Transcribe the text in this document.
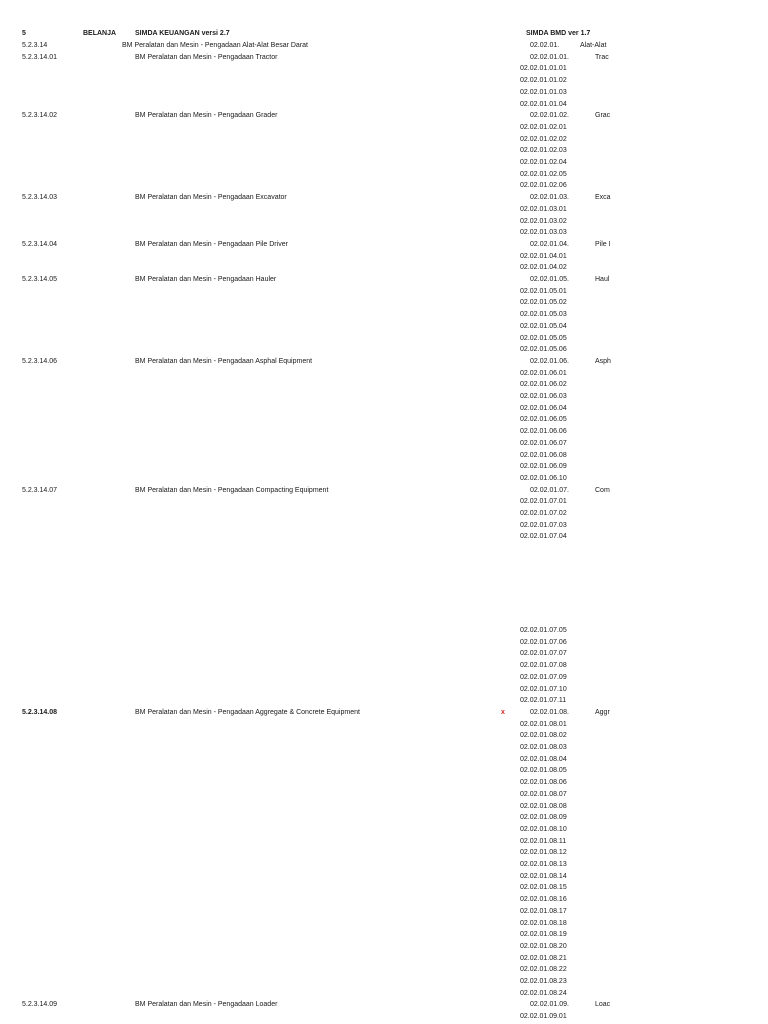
5	BELANJA	SIMDA KEUANGAN versi 2.7	SIMDA BMD ver 1.7
5.2.3.14	BM Peralatan dan Mesin - Pengadaan Alat-Alat Besar Darat	02.02.01.	Alat-Alat
5.2.3.14.01	BM Peralatan dan Mesin - Pengadaan Tractor	02.02.01.01.	Trac
02.02.01.01.01
02.02.01.01.02
02.02.01.01.03
02.02.01.01.04
5.2.3.14.02	BM Peralatan dan Mesin - Pengadaan Grader	02.02.01.02.	Grac
02.02.01.02.01
02.02.01.02.02
02.02.01.02.03
02.02.01.02.04
02.02.01.02.05
02.02.01.02.06
5.2.3.14.03	BM Peralatan dan Mesin - Pengadaan Excavator	02.02.01.03.	Exca
02.02.01.03.01
02.02.01.03.02
02.02.01.03.03
5.2.3.14.04	BM Peralatan dan Mesin - Pengadaan Pile Driver	02.02.01.04.	Pile I
02.02.01.04.01
02.02.01.04.02
5.2.3.14.05	BM Peralatan dan Mesin - Pengadaan Hauler	02.02.01.05.	Haul
02.02.01.05.01
02.02.01.05.02
02.02.01.05.03
02.02.01.05.04
02.02.01.05.05
02.02.01.05.06
5.2.3.14.06	BM Peralatan dan Mesin - Pengadaan Asphal Equipment	02.02.01.06.	Asph
02.02.01.06.01
02.02.01.06.02
02.02.01.06.03
02.02.01.06.04
02.02.01.06.05
02.02.01.06.06
02.02.01.06.07
02.02.01.06.08
02.02.01.06.09
02.02.01.06.10
5.2.3.14.07	BM Peralatan dan Mesin - Pengadaan Compacting Equipment	02.02.01.07.	Com
02.02.01.07.01
02.02.01.07.02
02.02.01.07.03
02.02.01.07.04
02.02.01.07.05
02.02.01.07.06
02.02.01.07.07
02.02.01.07.08
02.02.01.07.09
02.02.01.07.10
02.02.01.07.11
5.2.3.14.08	BM Peralatan dan Mesin - Pengadaan Aggregate & Concrete Equipment	x	02.02.01.08.	Aggr
02.02.01.08.01
02.02.01.08.02
02.02.01.08.03
02.02.01.08.04
02.02.01.08.05
02.02.01.08.06
02.02.01.08.07
02.02.01.08.08
02.02.01.08.09
02.02.01.08.10
02.02.01.08.11
02.02.01.08.12
02.02.01.08.13
02.02.01.08.14
02.02.01.08.15
02.02.01.08.16
02.02.01.08.17
02.02.01.08.18
02.02.01.08.19
02.02.01.08.20
02.02.01.08.21
02.02.01.08.22
02.02.01.08.23
02.02.01.08.24
5.2.3.14.09	BM Peralatan dan Mesin - Pengadaan Loader	02.02.01.09.	Loac
02.02.01.09.01
